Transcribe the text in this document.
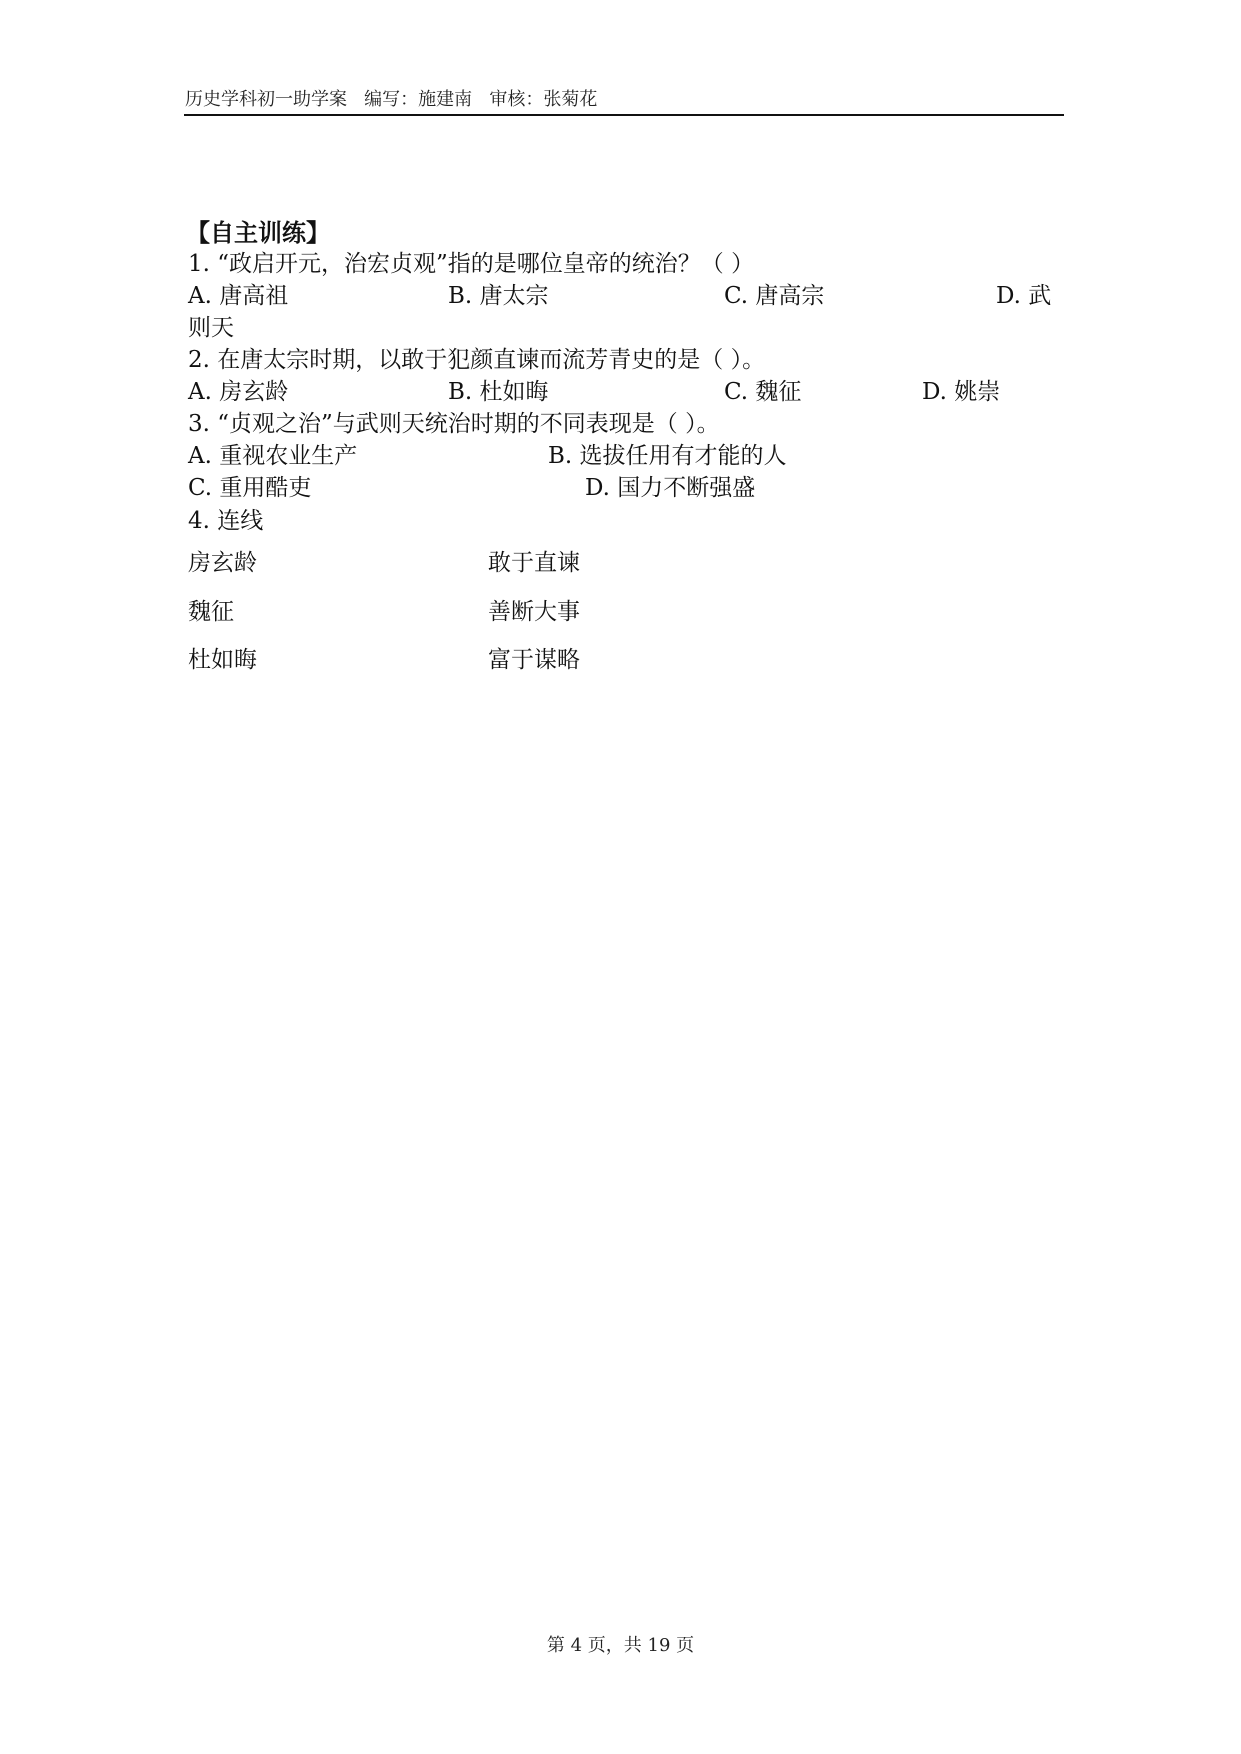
历史学科初一助学案   编写：施建南   审核：张菊花
【自主训练】
1. “政启开元，治宏贞观”指的是哪位皇帝的统治？（ ）
A. 唐高祖	B. 唐太宗	C. 唐高宗	D. 武
则天
2. 在唐太宗时期，以敢于犯颜直谏而流芳青史的是（ ）。
A. 房玄龄	B. 杜如晦	C. 魏征	D. 姚崇
3. “贞观之治”与武则天统治时期的不同表现是（ ）。
A. 重视农业生产	B. 选拔任用有才能的人
C. 重用酷吏	D. 国力不断强盛
4. 连线
房玄龄	敢于直谏
魏征	善断大事
杜如晦	富于谋略
第 4 页，共 19 页
